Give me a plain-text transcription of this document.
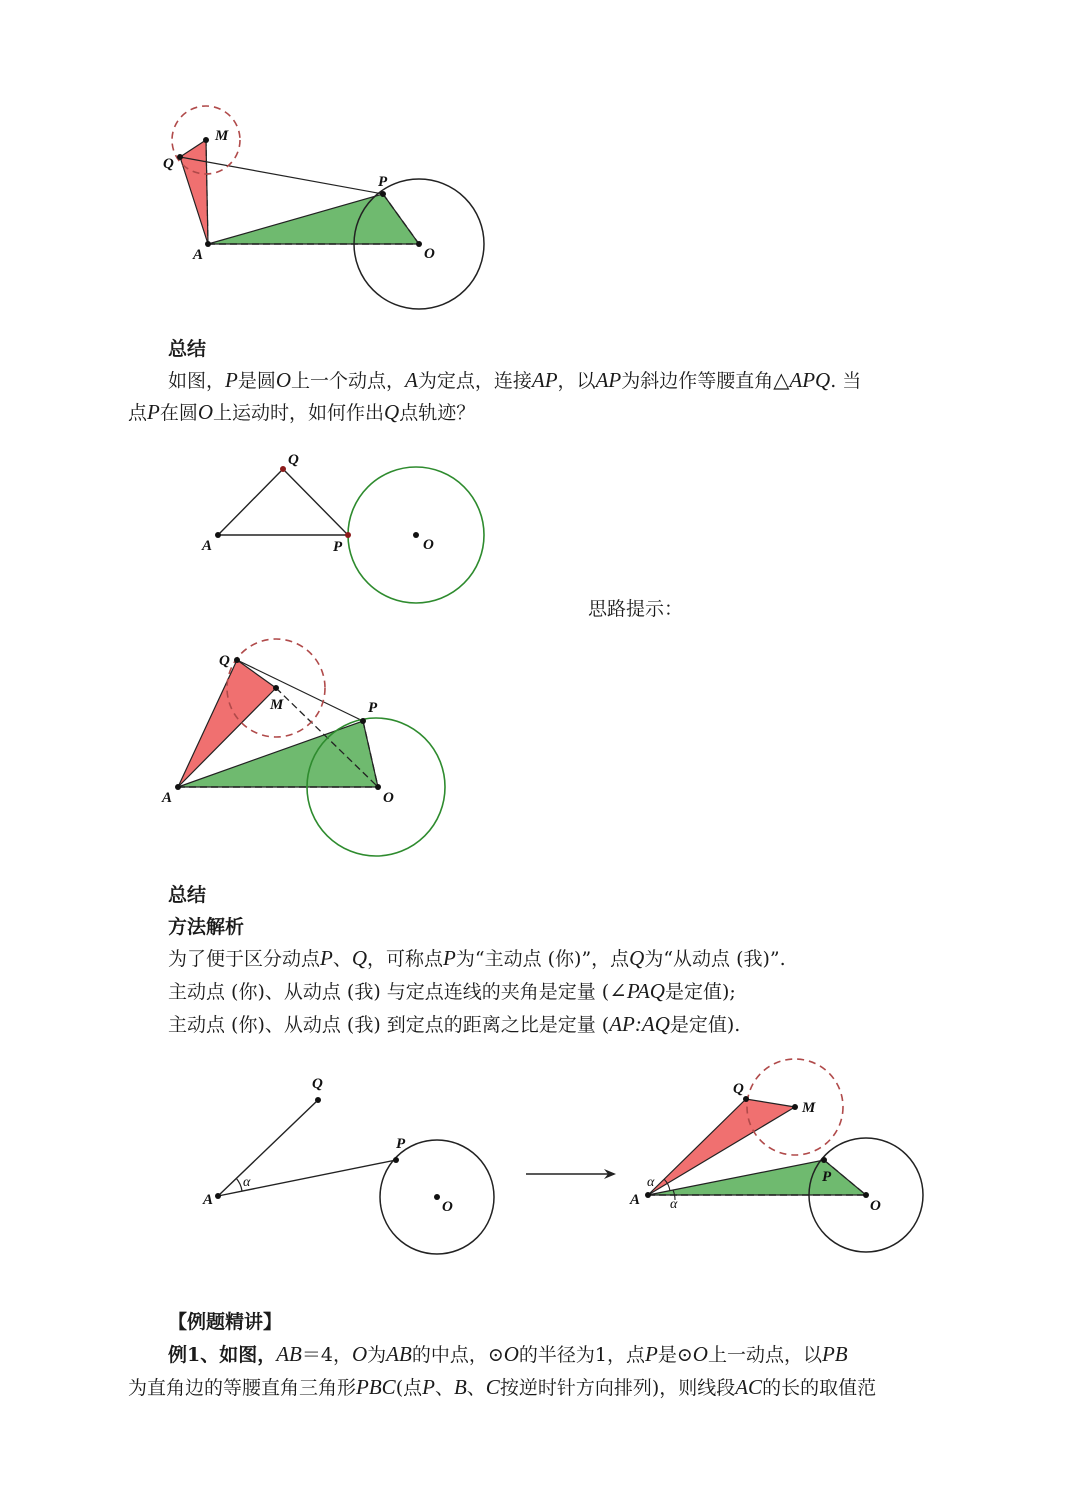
Q
M
P
A	O
总结
如图，P是圆O上一个动点，A为定点，连接AP，以AP为斜边作等腰直角△APQ. 当
点P在圆O上运动时，如何作出Q点轨迹？
Q
A	P	O
思路提示：
Q
M	P
A	O
总结
方法解析
为了便于区分动点P、Q，可称点P为“主动点 (你)”，点Q为“从动点 (我)”.
主动点 (你)、从动点 (我) 与定点连线的夹角是定量 (∠PAQ是定值);
主动点 (你)、从动点 (我) 到定点的距离之比是定量 (AP:AQ是定值).
Q
P
A	O
α
Q
M
P
A	O
α
α
【例题精讲】
例1、如图，AB＝4，O为AB的中点，⊙O的半径为1，点P是⊙O上一动点，以PB
为直角边的等腰直角三角形PBC(点P、B、C按逆时针方向排列)，则线段AC的长的取值范
